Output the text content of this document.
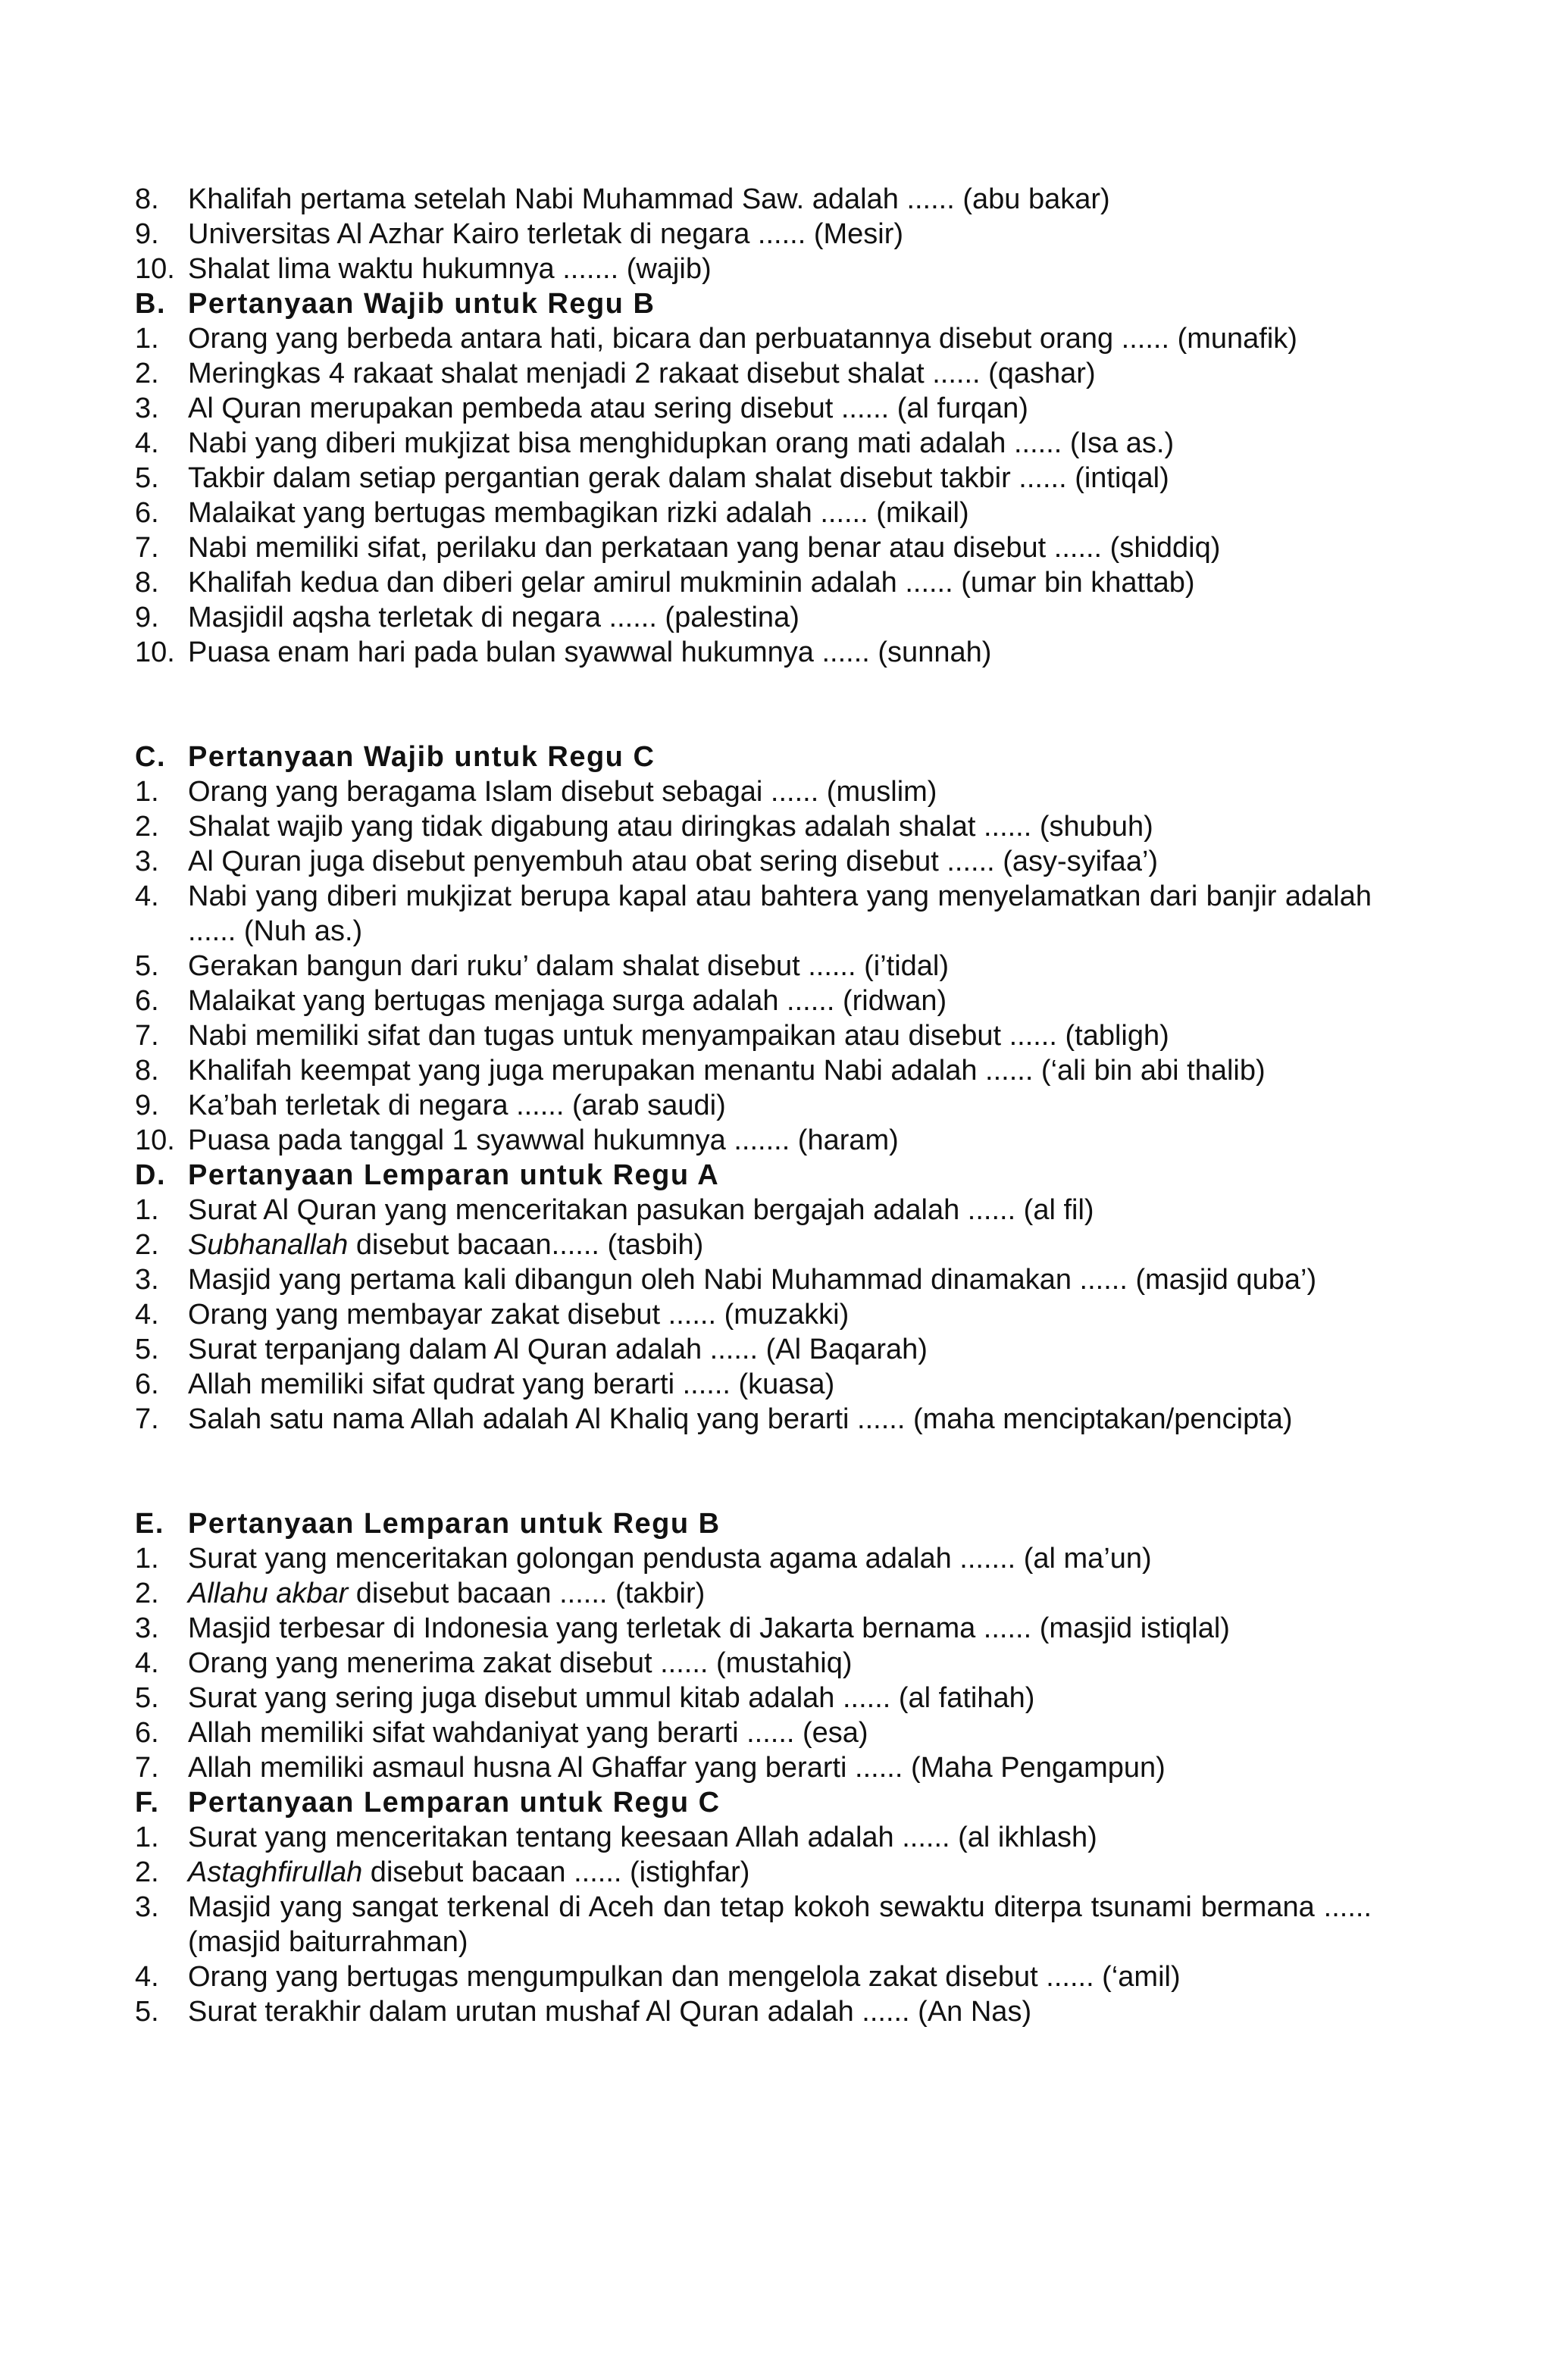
8.	Khalifah pertama setelah Nabi Muhammad Saw. adalah ...... (abu bakar)
9.	Universitas Al Azhar Kairo terletak di negara ...... (Mesir)
10. Shalat lima waktu hukumnya ....... (wajib)
B. Pertanyaan Wajib untuk Regu B
1.	Orang yang berbeda antara hati, bicara dan perbuatannya disebut orang ...... (munafik)
2.	Meringkas 4 rakaat shalat menjadi 2 rakaat disebut shalat ...... (qashar)
3.	Al Quran merupakan pembeda atau sering disebut ...... (al furqan)
4.	Nabi yang diberi mukjizat bisa menghidupkan orang mati adalah ...... (Isa as.)
5.	Takbir dalam setiap pergantian gerak dalam shalat disebut takbir ...... (intiqal)
6.	Malaikat yang bertugas membagikan rizki adalah ...... (mikail)
7.	Nabi memiliki sifat, perilaku dan perkataan yang benar atau disebut ...... (shiddiq)
8.	Khalifah kedua dan diberi gelar amirul mukminin adalah ...... (umar bin khattab)
9.	Masjidil aqsha terletak di negara ...... (palestina)
10. Puasa enam hari pada bulan syawwal hukumnya ...... (sunnah)
C. Pertanyaan Wajib untuk Regu C
1.	Orang yang beragama Islam disebut sebagai ...... (muslim)
2.	Shalat wajib yang tidak digabung atau diringkas adalah shalat ...... (shubuh)
3.	Al Quran juga disebut penyembuh atau obat sering disebut ...... (asy-syifaa’)
4.	Nabi yang diberi mukjizat berupa kapal atau bahtera yang menyelamatkan dari banjir adalah ...... (Nuh as.)
5.	Gerakan bangun dari ruku’ dalam shalat disebut ...... (i’tidal)
6.	Malaikat yang bertugas menjaga surga adalah ...... (ridwan)
7.	Nabi memiliki sifat dan tugas untuk menyampaikan atau disebut ...... (tabligh)
8.	Khalifah keempat yang juga merupakan menantu Nabi adalah ...... (‘ali bin abi thalib)
9.	Ka’bah terletak di negara ...... (arab saudi)
10. Puasa pada tanggal 1 syawwal hukumnya ....... (haram)
D. Pertanyaan Lemparan untuk Regu A
1.	Surat Al Quran yang menceritakan pasukan bergajah adalah ...... (al fil)
2.	Subhanallah disebut bacaan...... (tasbih)
3.	Masjid yang pertama kali dibangun oleh Nabi Muhammad dinamakan ...... (masjid quba’)
4.	Orang yang membayar zakat disebut ...... (muzakki)
5.	Surat terpanjang dalam Al Quran adalah ...... (Al Baqarah)
6.	Allah memiliki sifat qudrat yang berarti ...... (kuasa)
7.	Salah satu nama Allah adalah Al Khaliq yang berarti ...... (maha menciptakan/pencipta)
E. Pertanyaan Lemparan untuk Regu B
1.	Surat yang menceritakan golongan pendusta agama adalah ....... (al ma’un)
2.	Allahu akbar disebut bacaan ...... (takbir)
3.	Masjid terbesar di Indonesia yang terletak di Jakarta bernama ...... (masjid istiqlal)
4.	Orang yang menerima zakat disebut ...... (mustahiq)
5.	Surat yang sering juga disebut ummul kitab adalah ...... (al fatihah)
6.	Allah memiliki sifat wahdaniyat yang berarti ...... (esa)
7.	Allah memiliki asmaul husna Al Ghaffar yang berarti ...... (Maha Pengampun)
F. Pertanyaan Lemparan untuk Regu C
1.	Surat yang menceritakan tentang keesaan Allah adalah ...... (al ikhlash)
2.	Astaghfirullah disebut bacaan ...... (istighfar)
3.	Masjid yang sangat terkenal di Aceh dan tetap kokoh sewaktu diterpa tsunami bermana ...... (masjid baiturrahman)
4.	Orang yang bertugas mengumpulkan dan mengelola zakat disebut ...... (‘amil)
5.	Surat terakhir dalam urutan mushaf Al Quran adalah ...... (An Nas)
